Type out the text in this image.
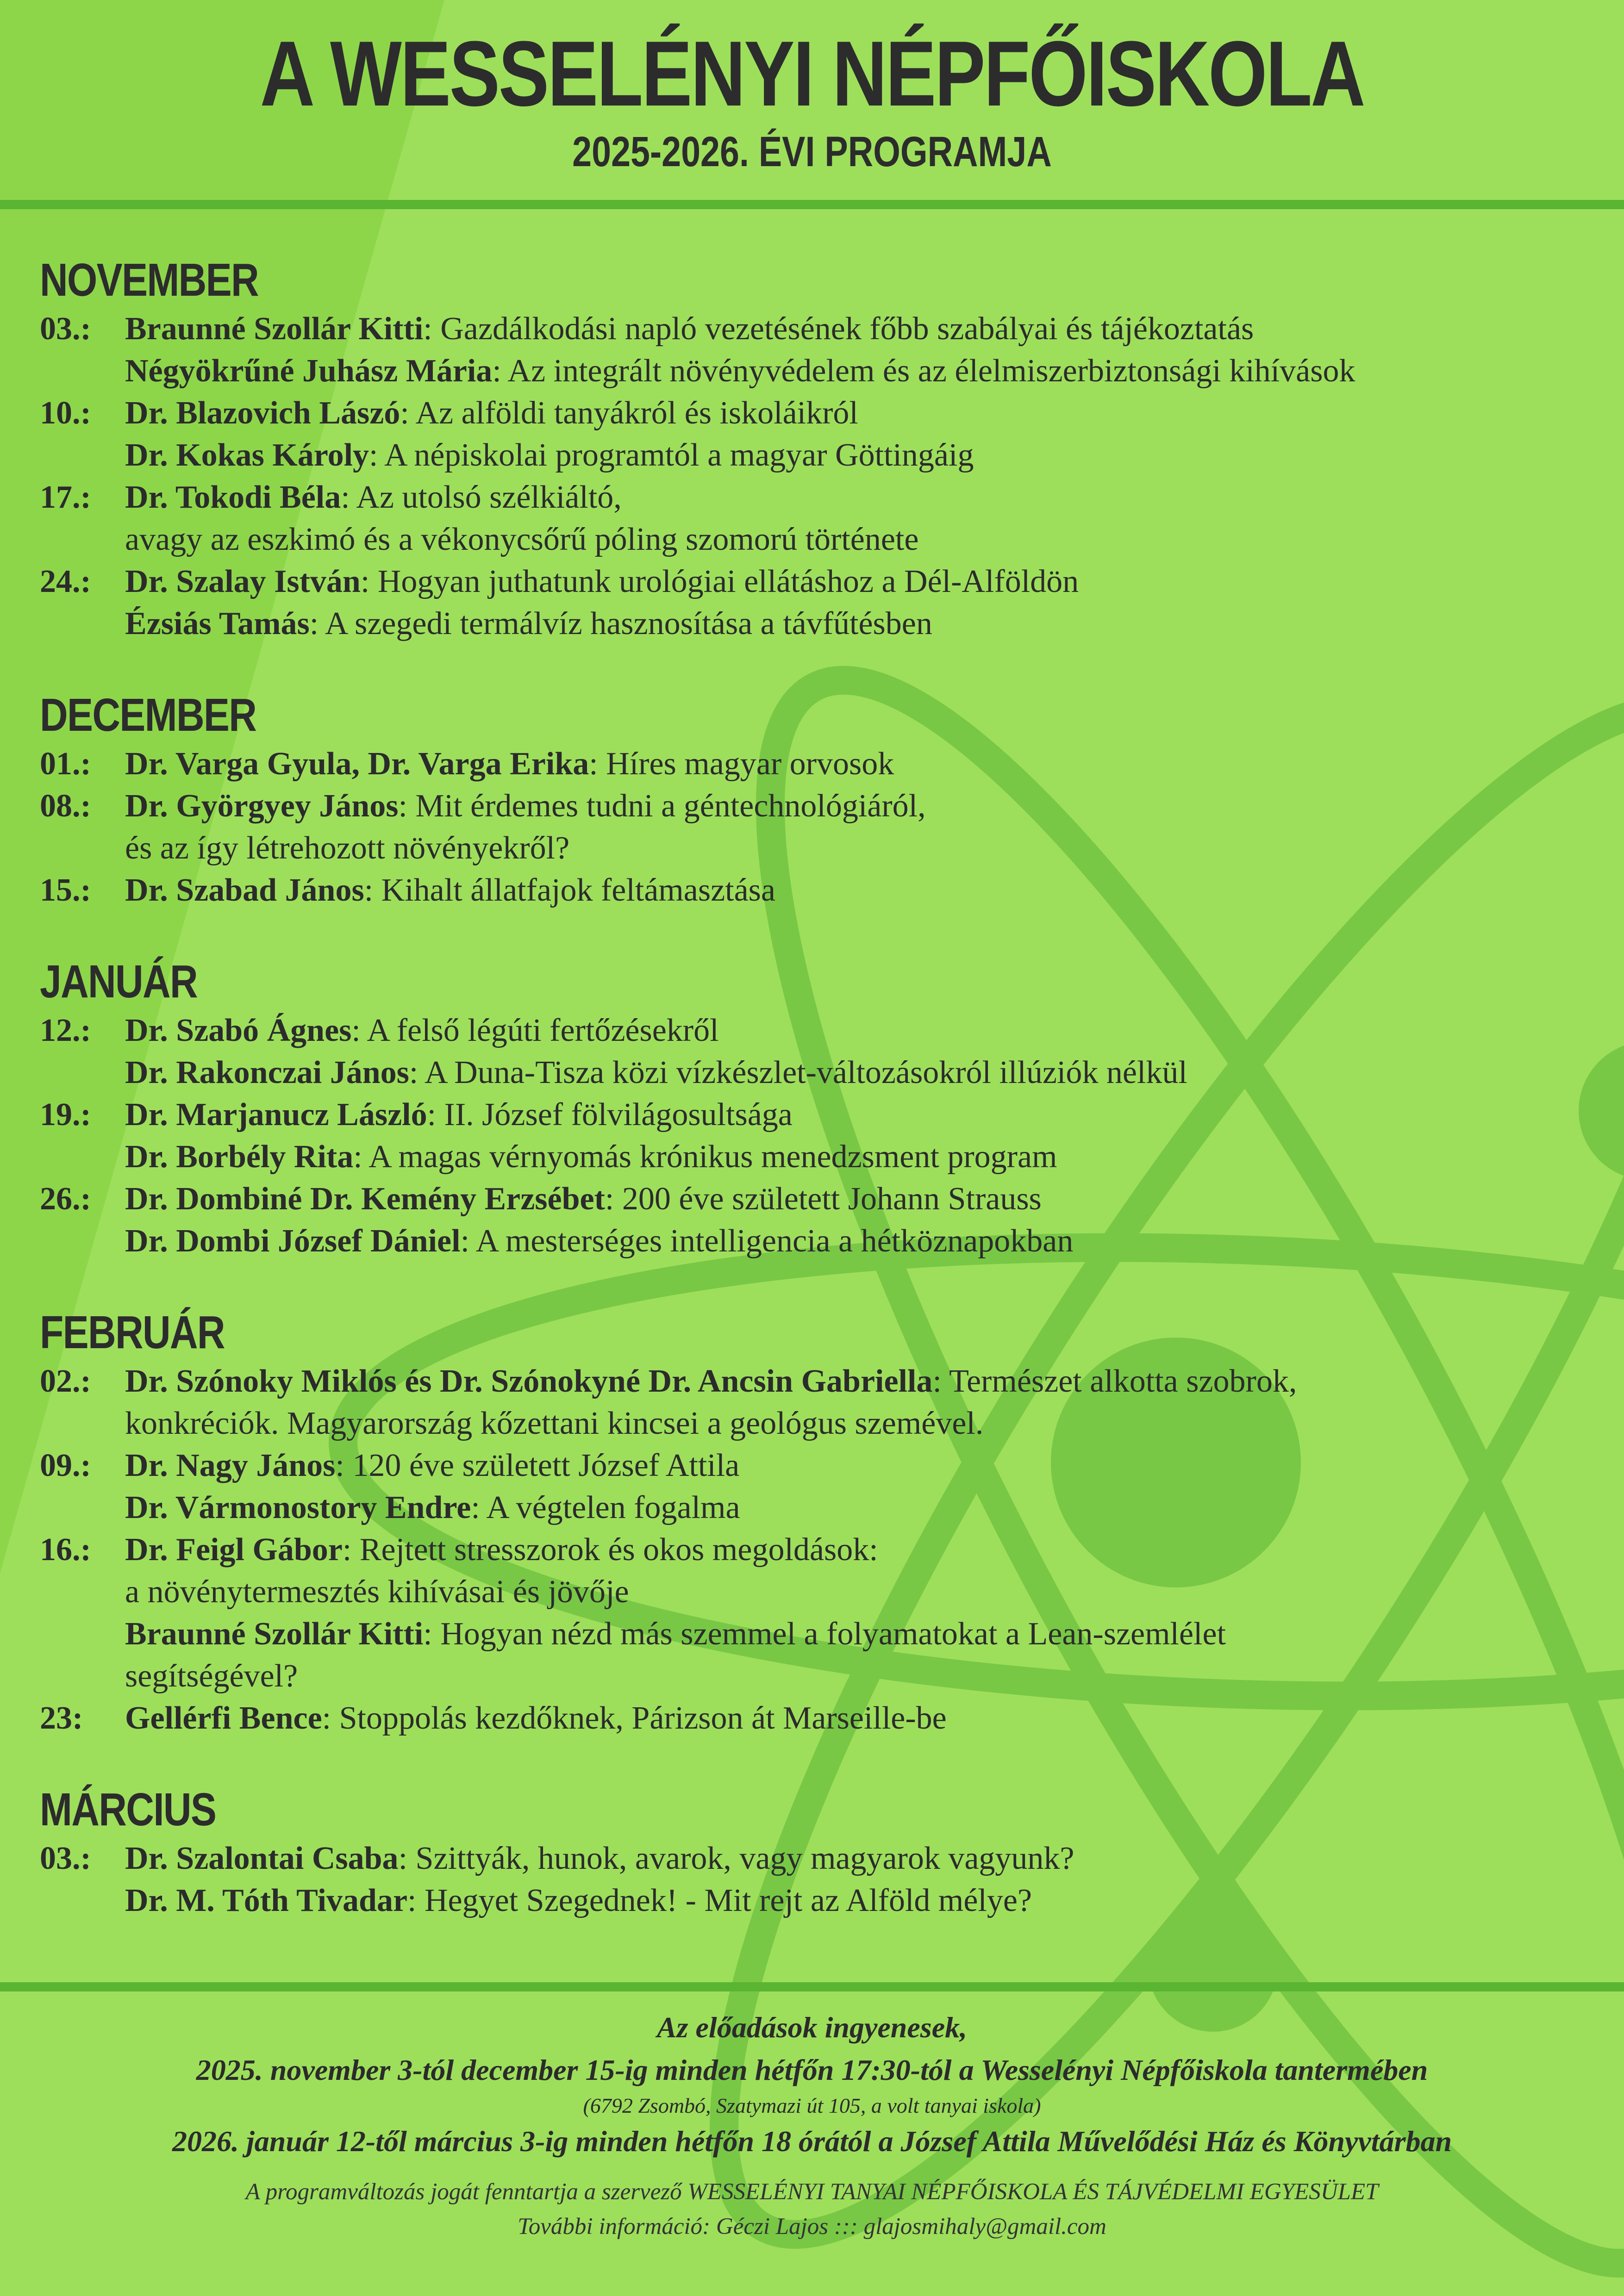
A WESSELÉNYI NÉPFŐISKOLA
2025-2026. ÉVI PROGRAMJA
NOVEMBER
03.:	Braunné Szollár Kitti: Gazdálkodási napló vezetésének főbb szabályai és tájékoztatás
Négyökrűné Juhász Mária: Az integrált növényvédelem és az élelmiszerbiztonsági kihívások
10.:	Dr. Blazovich Lászó: Az alföldi tanyákról és iskoláikról
Dr. Kokas Károly: A népiskolai programtól a magyar Göttingáig
17.:	Dr. Tokodi Béla: Az utolsó szélkiáltó,
avagy az eszkimó és a vékonycsőrű póling szomorú története
24.:	Dr. Szalay István: Hogyan juthatunk urológiai ellátáshoz a Dél-Alföldön
Ézsiás Tamás: A szegedi termálvíz hasznosítása a távfűtésben
DECEMBER
01.:	Dr. Varga Gyula, Dr. Varga Erika: Híres magyar orvosok
08.:	Dr. Györgyey János: Mit érdemes tudni a géntechnológiáról,
és az így létrehozott növényekről?
15.:	Dr. Szabad János: Kihalt állatfajok feltámasztása
JANUÁR
12.:	Dr. Szabó Ágnes: A felső légúti fertőzésekről
Dr. Rakonczai János: A Duna-Tisza közi vízkészlet-változásokról illúziók nélkül
19.:	Dr. Marjanucz László: II. József fölvilágosultsága
Dr. Borbély Rita: A magas vérnyomás krónikus menedzsment program
26.:	Dr. Dombiné Dr. Kemény Erzsébet: 200 éve született Johann Strauss
Dr. Dombi József Dániel: A mesterséges intelligencia a hétköznapokban
FEBRUÁR
02.:	Dr. Szónoky Miklós és Dr. Szónokyné Dr. Ancsin Gabriella: Természet alkotta szobrok,
konkréciók. Magyarország kőzettani kincsei a geológus szemével.
09.:	Dr. Nagy János: 120 éve született József Attila
Dr. Vármonostory Endre: A végtelen fogalma
16.:	Dr. Feigl Gábor: Rejtett stresszorok és okos megoldások:
a növénytermesztés kihívásai és jövője
Braunné Szollár Kitti: Hogyan nézd más szemmel a folyamatokat a Lean-szemlélet
segítségével?
23:	Gellérfi Bence: Stoppolás kezdőknek, Párizson át Marseille-be
MÁRCIUS
03.:	Dr. Szalontai Csaba: Szittyák, hunok, avarok, vagy magyarok vagyunk?
Dr. M. Tóth Tivadar: Hegyet Szegednek! - Mit rejt az Alföld mélye?
Az előadások ingyenesek,
2025. november 3-tól december 15-ig minden hétfőn 17:30-tól a Wesselényi Népfőiskola tantermében
(6792 Zsombó, Szatymazi út 105, a volt tanyai iskola)
2026. január 12-től március 3-ig minden hétfőn 18 órától a József Attila Művelődési Ház és Könyvtárban
A programváltozás jogát fenntartja a szervező WESSELÉNYI TANYAI NÉPFŐISKOLA ÉS TÁJVÉDELMI EGYESÜLET
További információ: Géczi Lajos ::: glajosmihaly@gmail.com
